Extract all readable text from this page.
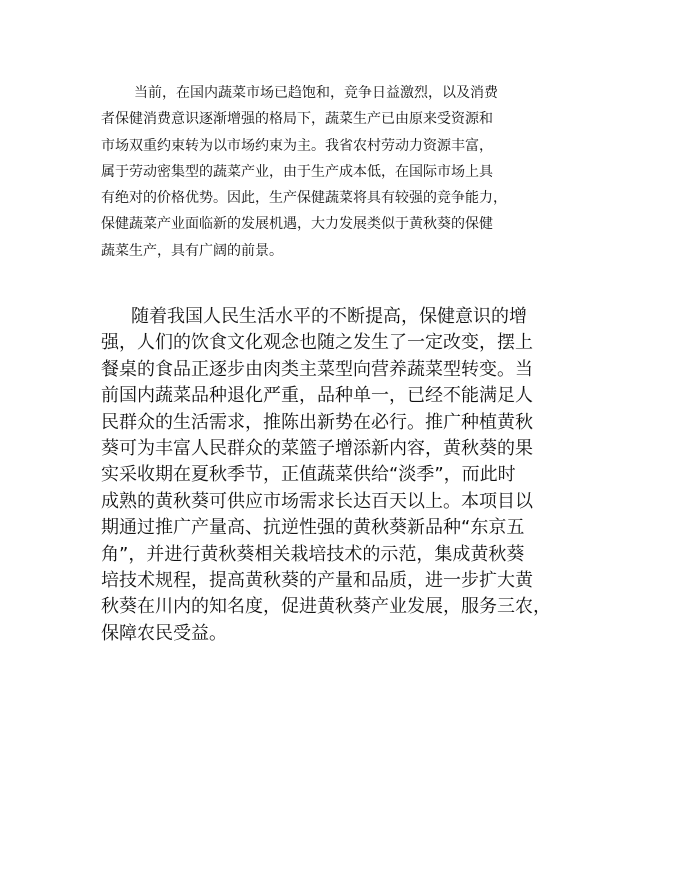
当前，在国内蔬菜市场已趋饱和，竞争日益激烈，以及消费
者保健消费意识逐渐增强的格局下，蔬菜生产已由原来受资源和
市场双重约束转为以市场约束为主。我省农村劳动力资源丰富，
属于劳动密集型的蔬菜产业，由于生产成本低，在国际市场上具
有绝对的价格优势。因此，生产保健蔬菜将具有较强的竞争能力，
保健蔬菜产业面临新的发展机遇，大力发展类似于黄秋葵的保健
蔬菜生产，具有广阔的前景。

随着我国人民生活水平的不断提高，保健意识的增
强，人们的饮食文化观念也随之发生了一定改变，摆上
餐桌的食品正逐步由肉类主菜型向营养蔬菜型转变。当
前国内蔬菜品种退化严重，品种单一，已经不能满足人
民群众的生活需求，推陈出新势在必行。推广种植黄秋
葵可为丰富人民群众的菜篮子增添新内容，黄秋葵的果
实采收期在夏秋季节，正值蔬菜供给“淡季”，而此时
成熟的黄秋葵可供应市场需求长达百天以上。本项目以
期通过推广产量高、抗逆性强的黄秋葵新品种“东京五
角”，并进行黄秋葵相关栽培技术的示范，集成黄秋葵
培技术规程，提高黄秋葵的产量和品质，进一步扩大黄
秋葵在川内的知名度，促进黄秋葵产业发展，服务三农，
保障农民受益。
